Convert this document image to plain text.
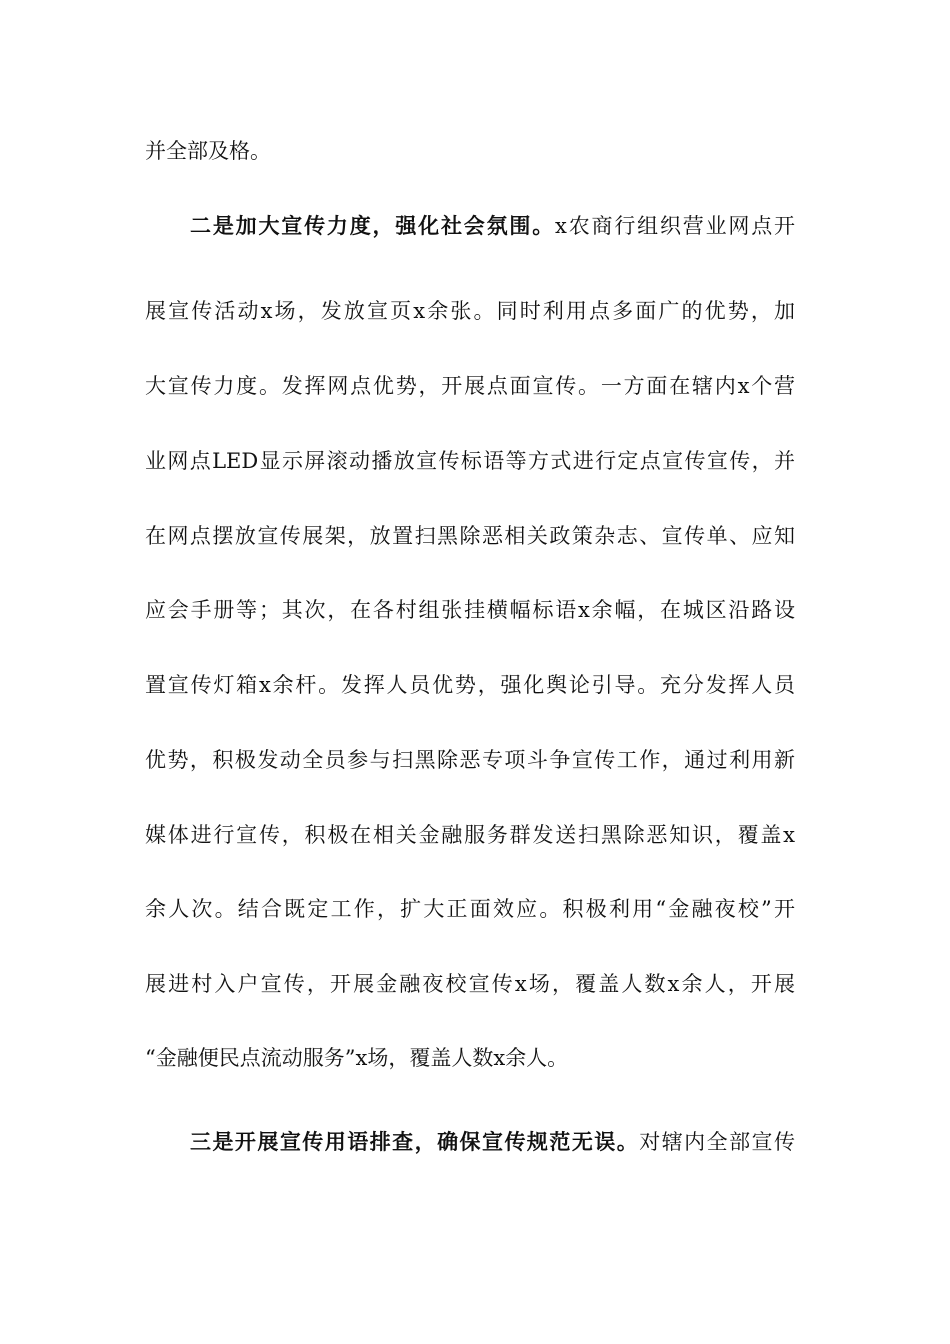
并全部及格。
二是加大宣传力度，强化社会氛围。x农商行组织营业网点开
展宣传活动x场，发放宣页x余张。同时利用点多面广的优势，加
大宣传力度。发挥网点优势，开展点面宣传。一方面在辖内x个营
业网点LED显示屏滚动播放宣传标语等方式进行定点宣传宣传，并
在网点摆放宣传展架，放置扫黑除恶相关政策杂志、宣传单、应知
应会手册等；其次，在各村组张挂横幅标语x余幅，在城区沿路设
置宣传灯箱x余杆。发挥人员优势，强化舆论引导。充分发挥人员
优势，积极发动全员参与扫黑除恶专项斗争宣传工作，通过利用新
媒体进行宣传，积极在相关金融服务群发送扫黑除恶知识，覆盖x
余人次。结合既定工作，扩大正面效应。积极利用“金融夜校”开
展进村入户宣传，开展金融夜校宣传x场，覆盖人数x余人，开展
“金融便民点流动服务”x场，覆盖人数x余人。
三是开展宣传用语排查，确保宣传规范无误。对辖内全部宣传
